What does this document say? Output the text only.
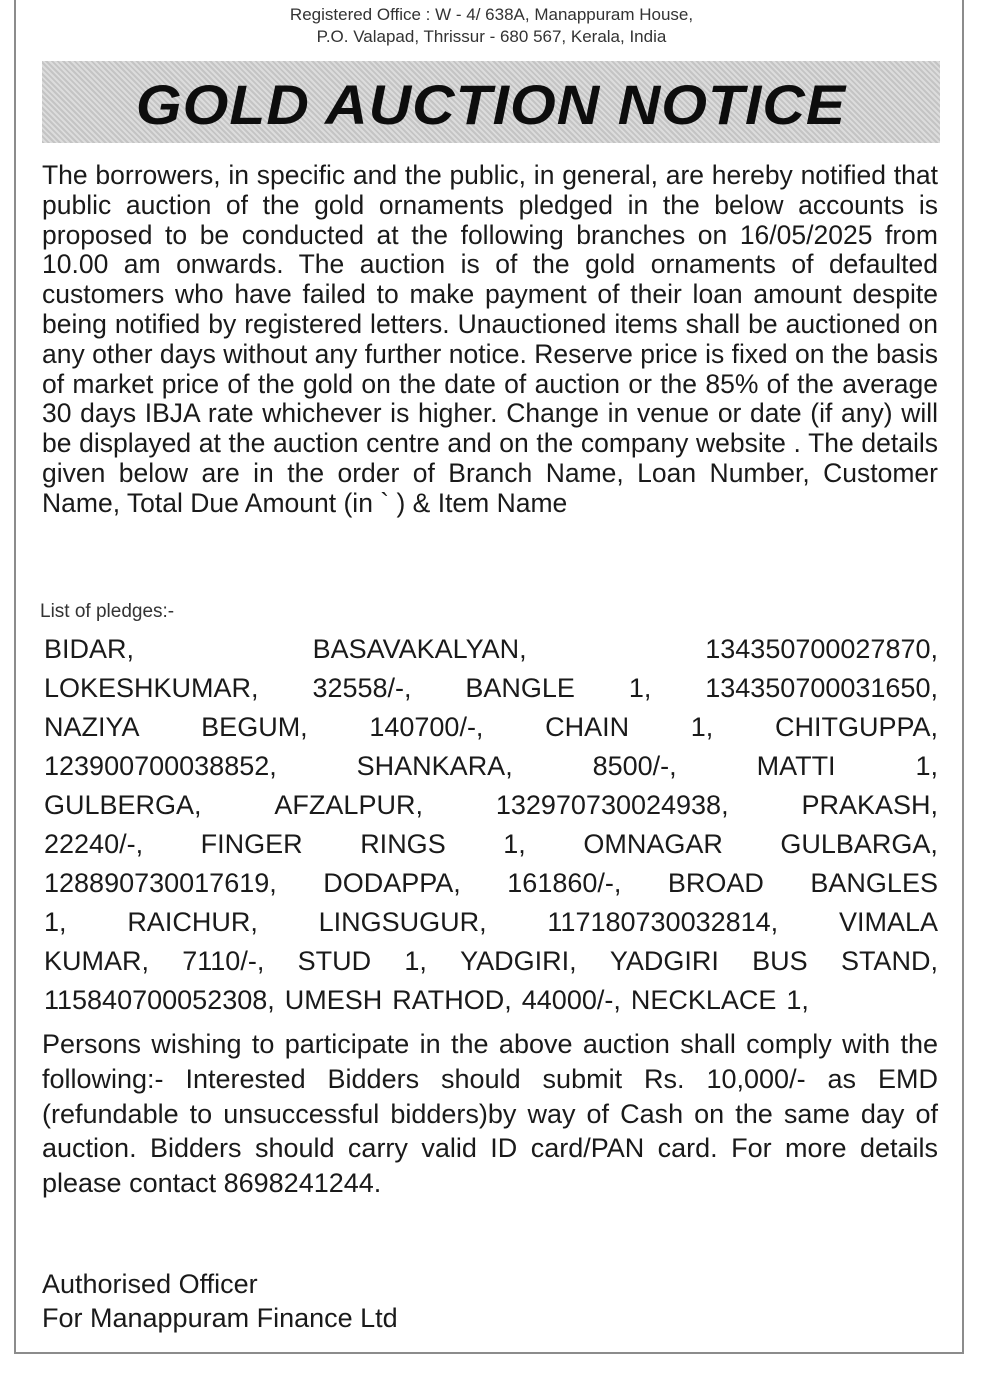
Registered Office : W - 4/ 638A, Manappuram House,
P.O. Valapad, Thrissur - 680 567, Kerala, India
GOLD AUCTION NOTICE
The borrowers, in specific and the public, in general, are hereby notified that public auction of the gold ornaments pledged in the below accounts is proposed to be conducted at the following branches on 16/05/2025 from 10.00 am onwards. The auction is of the gold ornaments of defaulted customers who have failed to make payment of their loan amount despite being notified by registered letters. Unauctioned items shall be auctioned on any other days without any further notice. Reserve price is fixed on the basis of market price of the gold on the date of auction or the 85% of the average 30 days IBJA rate whichever is higher. Change in venue or date (if any) will be displayed at the auction centre and on the company website . The details given below are in the order of Branch Name, Loan Number, Customer Name, Total Due Amount (in ` ) & Item Name
List of pledges:-
BIDAR,	BASAVAKALYAN,	134350700027870,
LOKESHKUMAR, 32558/-, BANGLE 1, 134350700031650,
NAZIYA BEGUM, 140700/-, CHAIN 1, CHITGUPPA,
123900700038852,	SHANKARA,	8500/-,	MATTI	1,
GULBERGA,	AFZALPUR,	132970730024938,	PRAKASH,
22240/-, FINGER RINGS 1, OMNAGAR GULBARGA,
128890730017619, DODAPPA, 161860/-, BROAD BANGLES
1, RAICHUR, LINGSUGUR, 117180730032814, VIMALA
KUMAR, 7110/-, STUD 1, YADGIRI, YADGIRI BUS STAND,
115840700052308, UMESH RATHOD, 44000/-, NECKLACE 1,
Persons wishing to participate in the above auction shall comply with the following:- Interested Bidders should submit Rs. 10,000/- as EMD (refundable to unsuccessful bidders)by way of Cash on the same day of auction. Bidders should carry valid ID card/PAN card. For more details please contact 8698241244.
Authorised Officer
For Manappuram Finance Ltd
